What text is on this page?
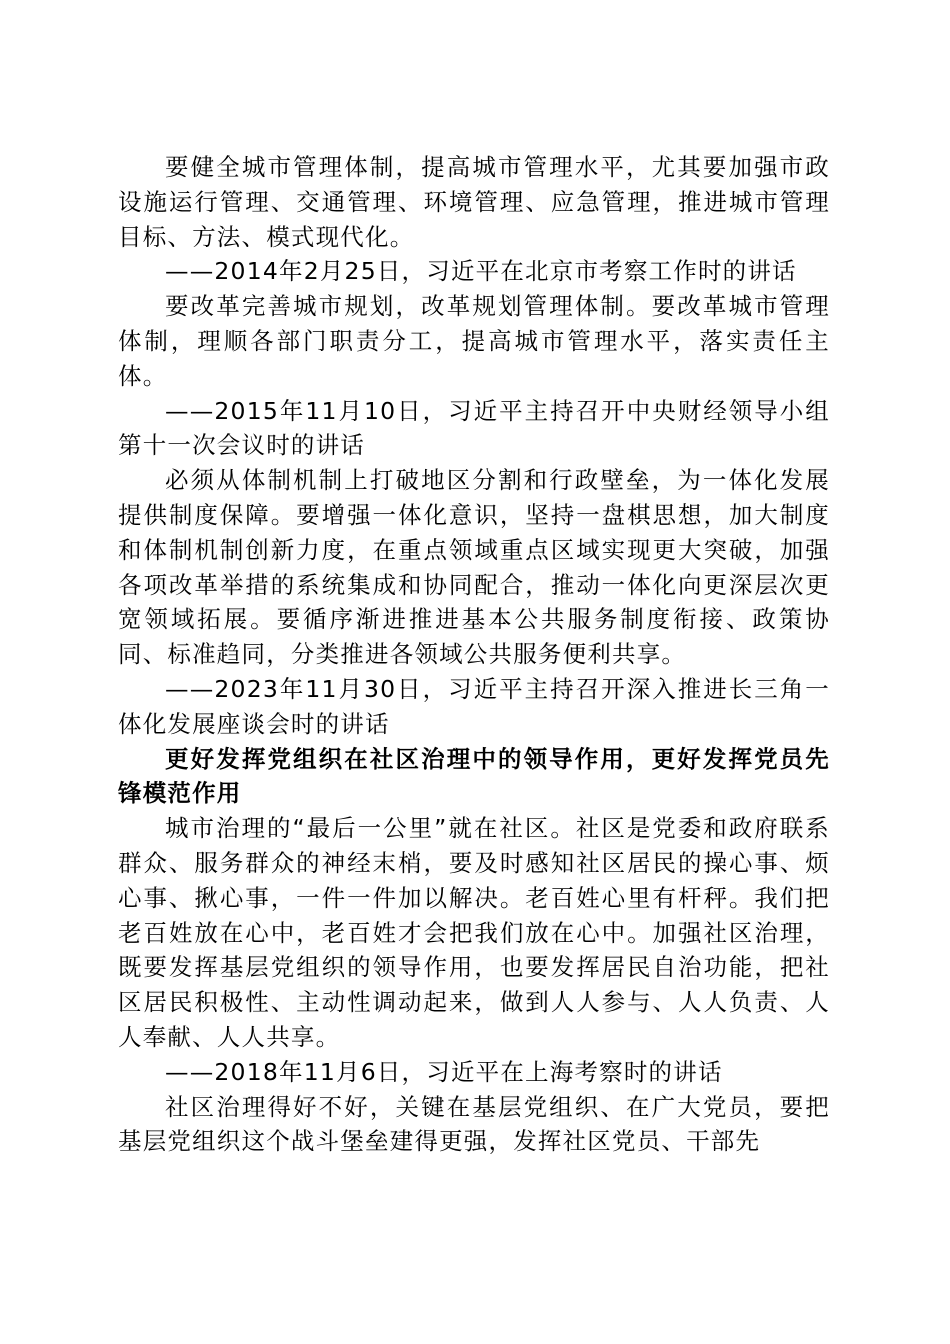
要健全城市管理体制，提高城市管理水平，尤其要加强市政设施运行管理、交通管理、环境管理、应急管理，推进城市管理目标、方法、模式现代化。

——2014年2月25日，习近平在北京市考察工作时的讲话

要改革完善城市规划，改革规划管理体制。要改革城市管理体制，理顺各部门职责分工，提高城市管理水平，落实责任主体。

——2015年11月10日，习近平主持召开中央财经领导小组第十一次会议时的讲话

必须从体制机制上打破地区分割和行政壁垒，为一体化发展提供制度保障。要增强一体化意识，坚持一盘棋思想，加大制度和体制机制创新力度，在重点领域重点区域实现更大突破，加强各项改革举措的系统集成和协同配合，推动一体化向更深层次更宽领域拓展。要循序渐进推进基本公共服务制度衔接、政策协同、标准趋同，分类推进各领域公共服务便利共享。

——2023年11月30日，习近平主持召开深入推进长三角一体化发展座谈会时的讲话

更好发挥党组织在社区治理中的领导作用，更好发挥党员先锋模范作用

城市治理的“最后一公里”就在社区。社区是党委和政府联系群众、服务群众的神经末梢，要及时感知社区居民的操心事、烦心事、揪心事，一件一件加以解决。老百姓心里有杆秤。我们把老百姓放在心中，老百姓才会把我们放在心中。加强社区治理，既要发挥基层党组织的领导作用，也要发挥居民自治功能，把社区居民积极性、主动性调动起来，做到人人参与、人人负责、人人奉献、人人共享。

——2018年11月6日，习近平在上海考察时的讲话

社区治理得好不好，关键在基层党组织、在广大党员，要把基层党组织这个战斗堡垒建得更强，发挥社区党员、干部先
